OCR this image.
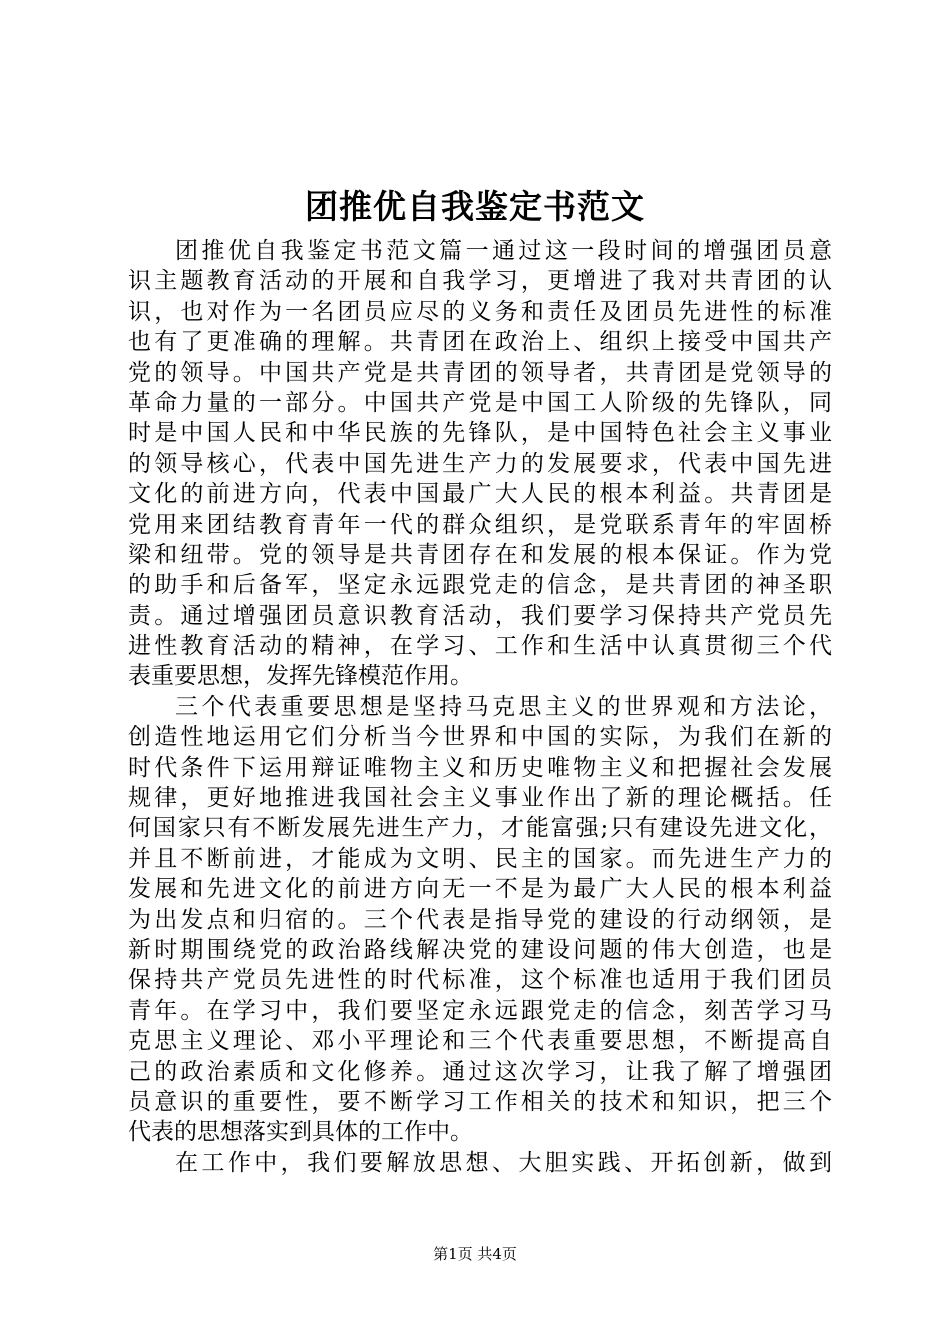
团推优自我鉴定书范文
团推优自我鉴定书范文篇一通过这一段时间的增强团员意
识主题教育活动的开展和自我学习，更增进了我对共青团的认
识，也对作为一名团员应尽的义务和责任及团员先进性的标准
也有了更准确的理解。共青团在政治上、组织上接受中国共产
党的领导。中国共产党是共青团的领导者，共青团是党领导的
革命力量的一部分。中国共产党是中国工人阶级的先锋队，同
时是中国人民和中华民族的先锋队，是中国特色社会主义事业
的领导核心，代表中国先进生产力的发展要求，代表中国先进
文化的前进方向，代表中国最广大人民的根本利益。共青团是
党用来团结教育青年一代的群众组织，是党联系青年的牢固桥
梁和纽带。党的领导是共青团存在和发展的根本保证。作为党
的助手和后备军，坚定永远跟党走的信念，是共青团的神圣职
责。通过增强团员意识教育活动，我们要学习保持共产党员先
进性教育活动的精神，在学习、工作和生活中认真贯彻三个代
表重要思想，发挥先锋模范作用。
三个代表重要思想是坚持马克思主义的世界观和方法论，
创造性地运用它们分析当今世界和中国的实际，为我们在新的
时代条件下运用辩证唯物主义和历史唯物主义和把握社会发展
规律，更好地推进我国社会主义事业作出了新的理论概括。任
何国家只有不断发展先进生产力，才能富强;只有建设先进文化，
并且不断前进，才能成为文明、民主的国家。而先进生产力的
发展和先进文化的前进方向无一不是为最广大人民的根本利益
为出发点和归宿的。三个代表是指导党的建设的行动纲领，是
新时期围绕党的政治路线解决党的建设问题的伟大创造，也是
保持共产党员先进性的时代标准，这个标准也适用于我们团员
青年。在学习中，我们要坚定永远跟党走的信念，刻苦学习马
克思主义理论、邓小平理论和三个代表重要思想，不断提高自
己的政治素质和文化修养。通过这次学习，让我了解了增强团
员意识的重要性，要不断学习工作相关的技术和知识，把三个
代表的思想落实到具体的工作中。
在工作中，我们要解放思想、大胆实践、开拓创新，做到
第1页 共4页
